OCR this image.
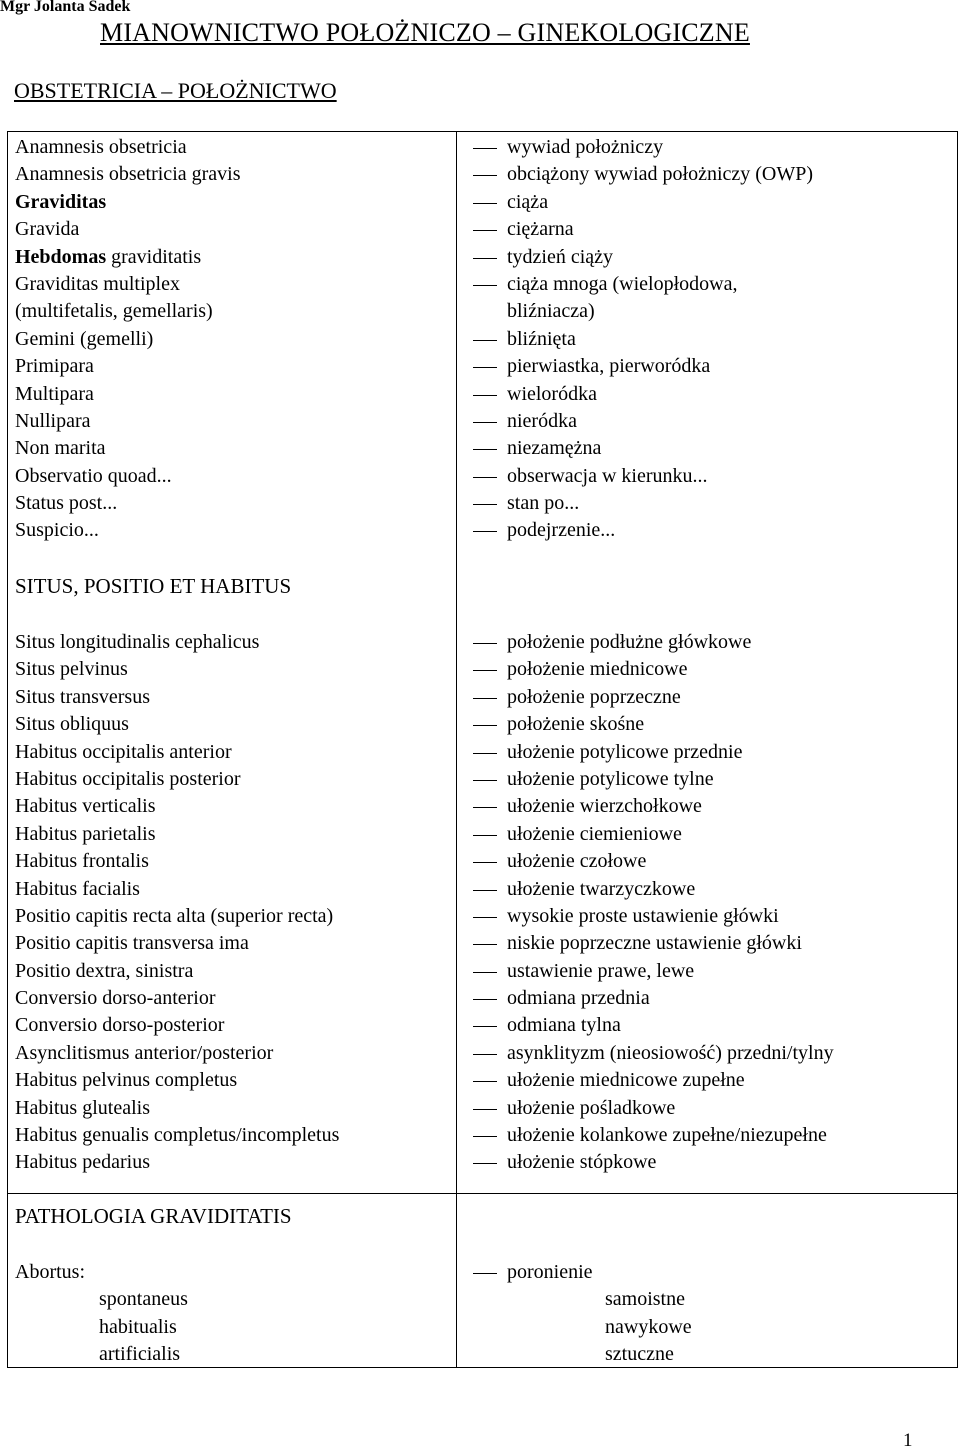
Mgr Jolanta Sadek
MIANOWNICTWO POŁOŻNICZO – GINEKOLOGICZNE
OBSTETRICIA – POŁOŻNICTWO
Anamnesis obsetricia
Anamnesis obsetricia gravis
Graviditas
Gravida
Hebdomas graviditatis
Graviditas multiplex
(multifetalis, gemellaris)
Gemini (gemelli)
Primipara
Multipara
Nullipara
Non marita
Observatio quoad...
Status post...
Suspicio...
wywiad położniczy
obciążony wywiad położniczy (OWP)
ciąża
ciężarna
tydzień ciąży
ciąża mnoga (wielopłodowa,
bliźniacza)
bliźnięta
pierwiastka, pierworódka
wieloródka
nieródka
niezamężna
obserwacja w kierunku...
stan po...
podejrzenie...
SITUS, POSITIO ET HABITUS
Situs longitudinalis cephalicus
Situs pelvinus
Situs transversus
Situs obliquus
Habitus occipitalis anterior
Habitus occipitalis posterior
Habitus verticalis
Habitus parietalis
Habitus frontalis
Habitus facialis
Positio capitis recta alta (superior recta)
Positio capitis transversa ima
Positio dextra, sinistra
Conversio dorso-anterior
Conversio dorso-posterior
Asynclitismus anterior/posterior
Habitus pelvinus completus
Habitus glutealis
Habitus genualis completus/incompletus
Habitus pedarius
położenie podłużne główkowe
położenie miednicowe
położenie poprzeczne
położenie skośne
ułożenie potylicowe przednie
ułożenie potylicowe tylne
ułożenie wierzchołkowe
ułożenie ciemieniowe
ułożenie czołowe
ułożenie twarzyczkowe
wysokie proste ustawienie główki
niskie poprzeczne ustawienie główki
ustawienie prawe, lewe
odmiana przednia
odmiana tylna
asynklityzm (nieosiowość) przedni/tylny
ułożenie miednicowe zupełne
ułożenie pośladkowe
ułożenie kolankowe zupełne/niezupełne
ułożenie stópkowe
PATHOLOGIA GRAVIDITATIS
Abortus:
spontaneus
habitualis
artificialis
poronienie
samoistne
nawykowe
sztuczne
1
